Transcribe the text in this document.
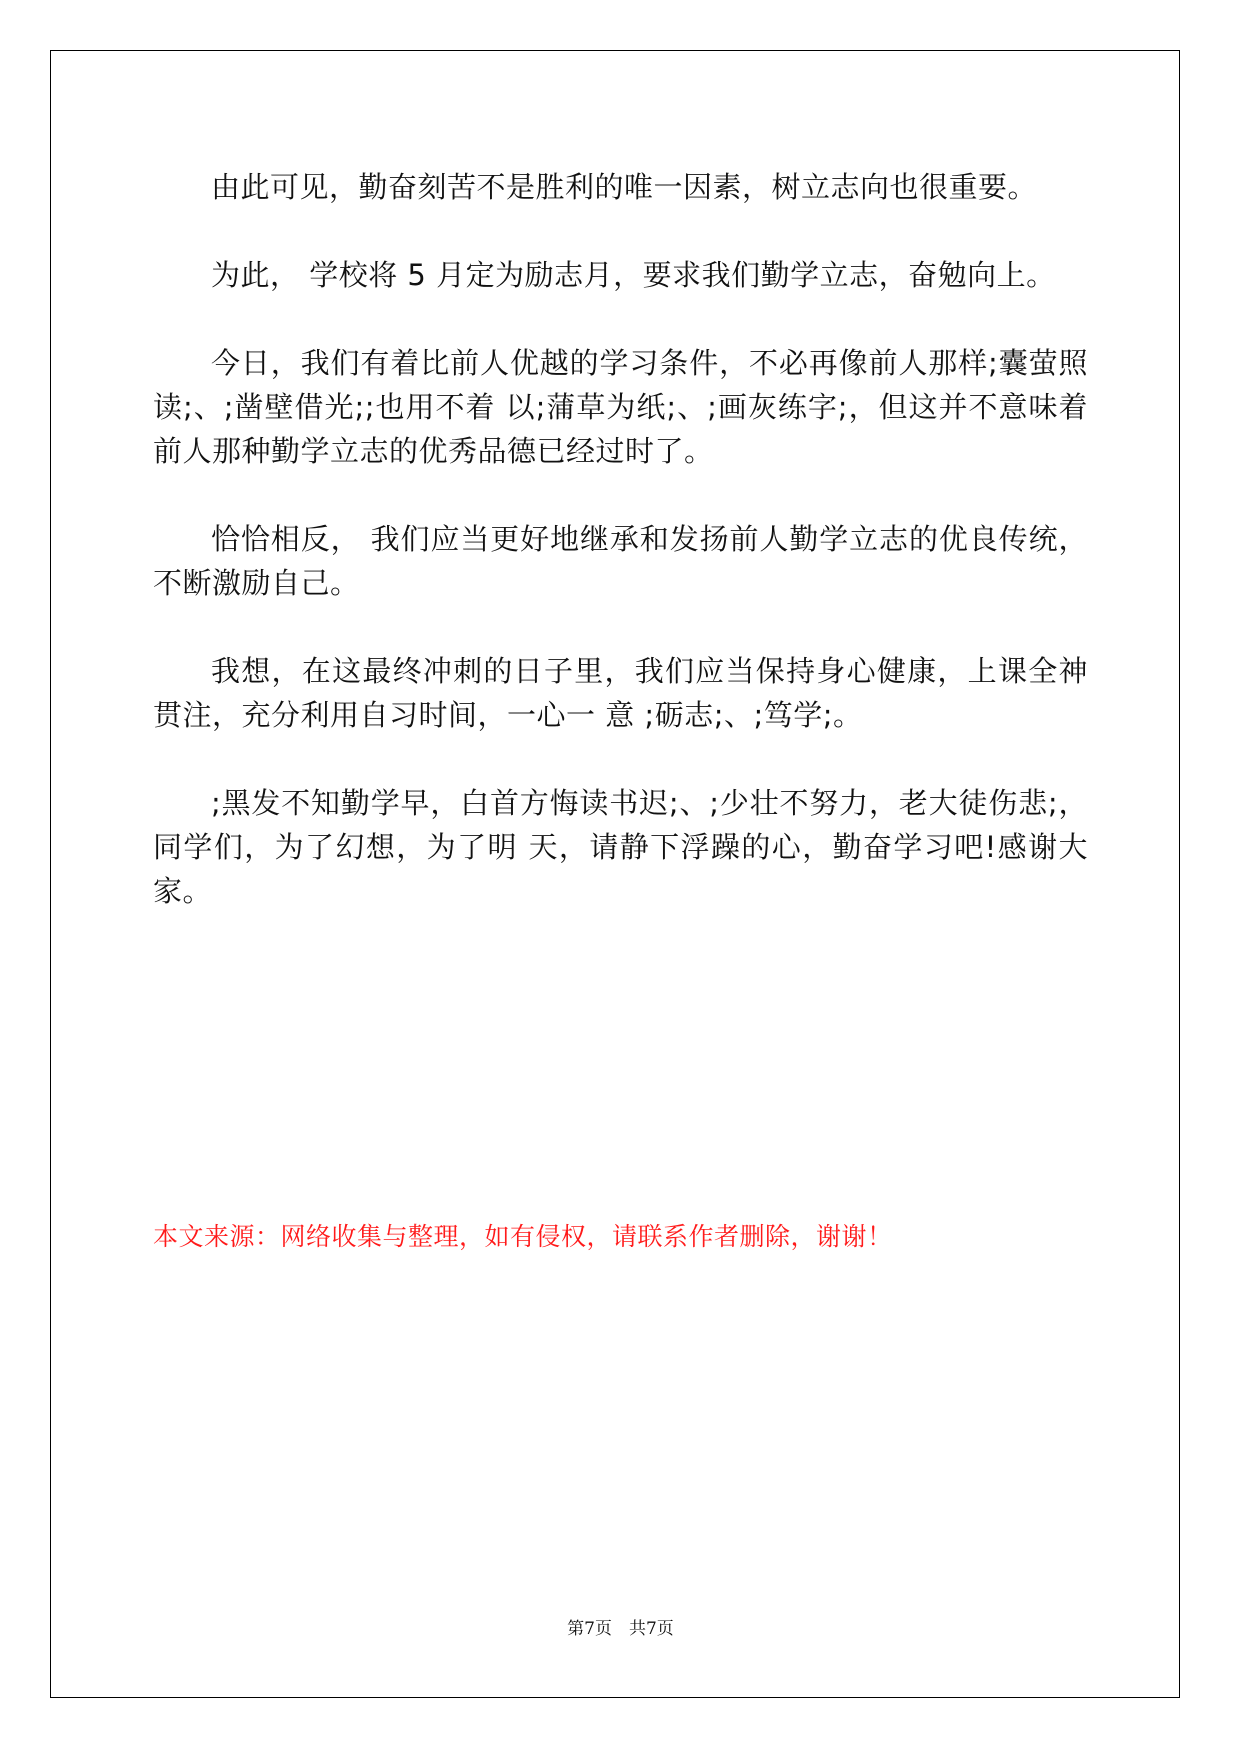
由此可见，勤奋刻苦不是胜利的唯一因素，树立志向也很重要。

为此， 学校将 5 月定为励志月，要求我们勤学立志，奋勉向上。

今日，我们有着比前人优越的学习条件，不必再像前人那样;囊萤照读;、;凿壁借光;;也用不着 以;蒲草为纸;、;画灰练字;，但这并不意味着前人那种勤学立志的优秀品德已经过时了。

恰恰相反， 我们应当更好地继承和发扬前人勤学立志的优良传统，不断激励自己。

我想，在这最终冲刺的日子里，我们应当保持身心健康，上课全神贯注，充分利用自习时间，一心一 意 ;砺志;、;笃学;。

;黑发不知勤学早，白首方悔读书迟;、;少壮不努力，老大徒伤悲;，同学们，为了幻想，为了明 天，请静下浮躁的心，勤奋学习吧!感谢大家。

本文来源：网络收集与整理，如有侵权，请联系作者删除，谢谢！
第7页　共7页
